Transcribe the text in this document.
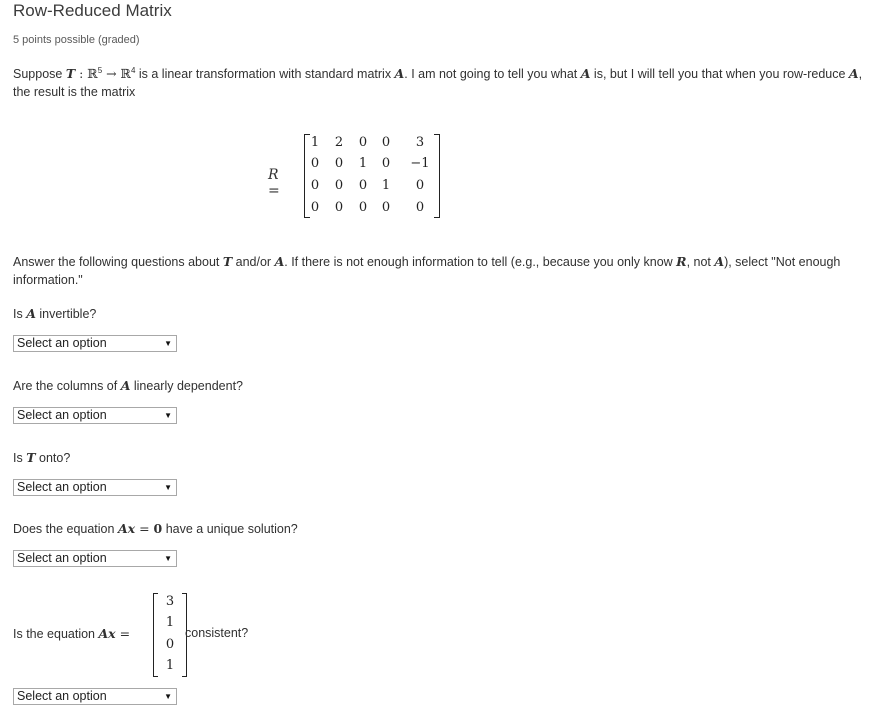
Row-Reduced Matrix
5 points possible (graded)
Suppose T : ℝ$^5$ → ℝ$^4$ is a linear transformation with standard matrix A. I am not going to tell you what A is, but I will tell you that when you row-reduce A, the result is the matrix
R =
1	2	0	0	3
0	0	1	0	−1
0	0	0	1	0
0	0	0	0	0
Answer the following questions about T and/or A. If there is not enough information to tell (e.g., because you only know R, not A), select "Not enough information."
Is A invertible?
Select an option	▼
Are the columns of A linearly dependent?
Select an option	▼
Is T onto?
Select an option	▼
Does the equation Ax = 0 have a unique solution?
Select an option	▼
Is the equation Ax =
3
1
0
1
consistent?
Select an option	▼
